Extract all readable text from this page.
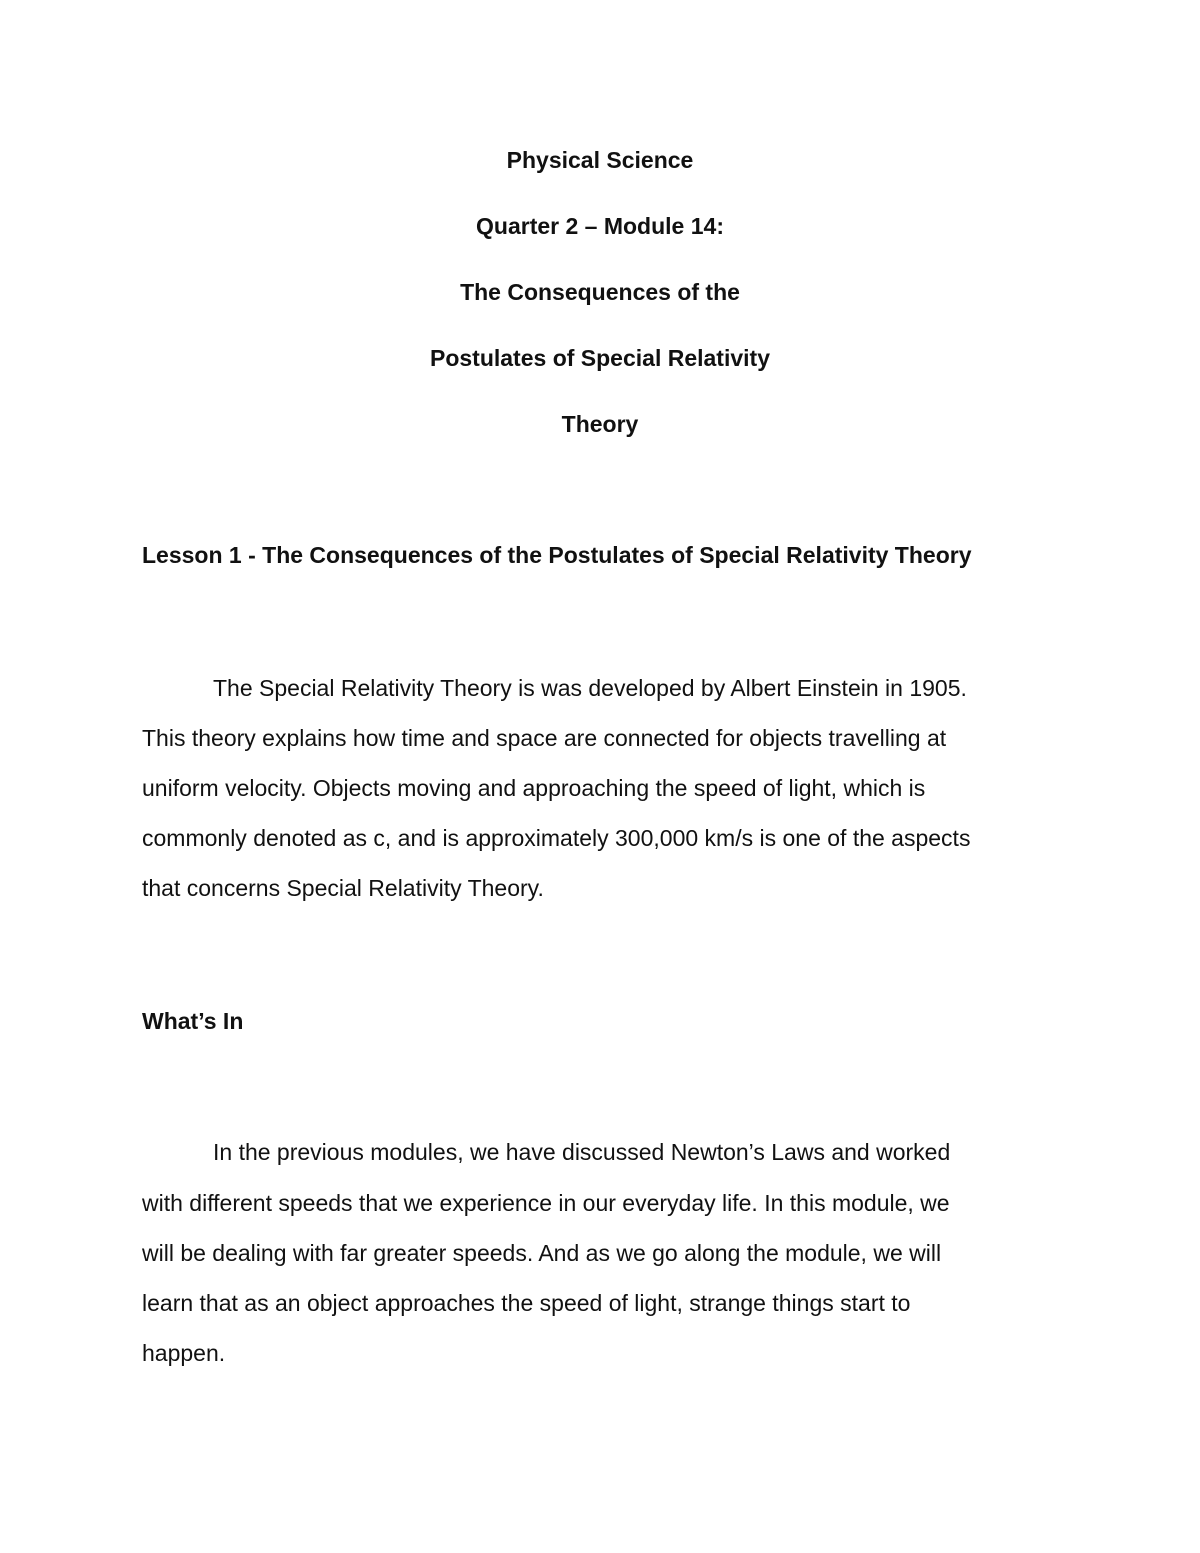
Physical Science
Quarter 2 – Module 14:
The Consequences of the
Postulates of Special Relativity
Theory
Lesson 1 - The Consequences of the Postulates of Special Relativity Theory
The Special Relativity Theory is was developed by Albert Einstein in 1905.
This theory explains how time and space are connected for objects travelling at
uniform velocity. Objects moving and approaching the speed of light, which is
commonly denoted as c, and is approximately 300,000 km/s is one of the aspects
that concerns Special Relativity Theory.
What’s In
In the previous modules, we have discussed Newton’s Laws and worked
with different speeds that we experience in our everyday life. In this module, we
will be dealing with far greater speeds. And as we go along the module, we will
learn that as an object approaches the speed of light, strange things start to
happen.
